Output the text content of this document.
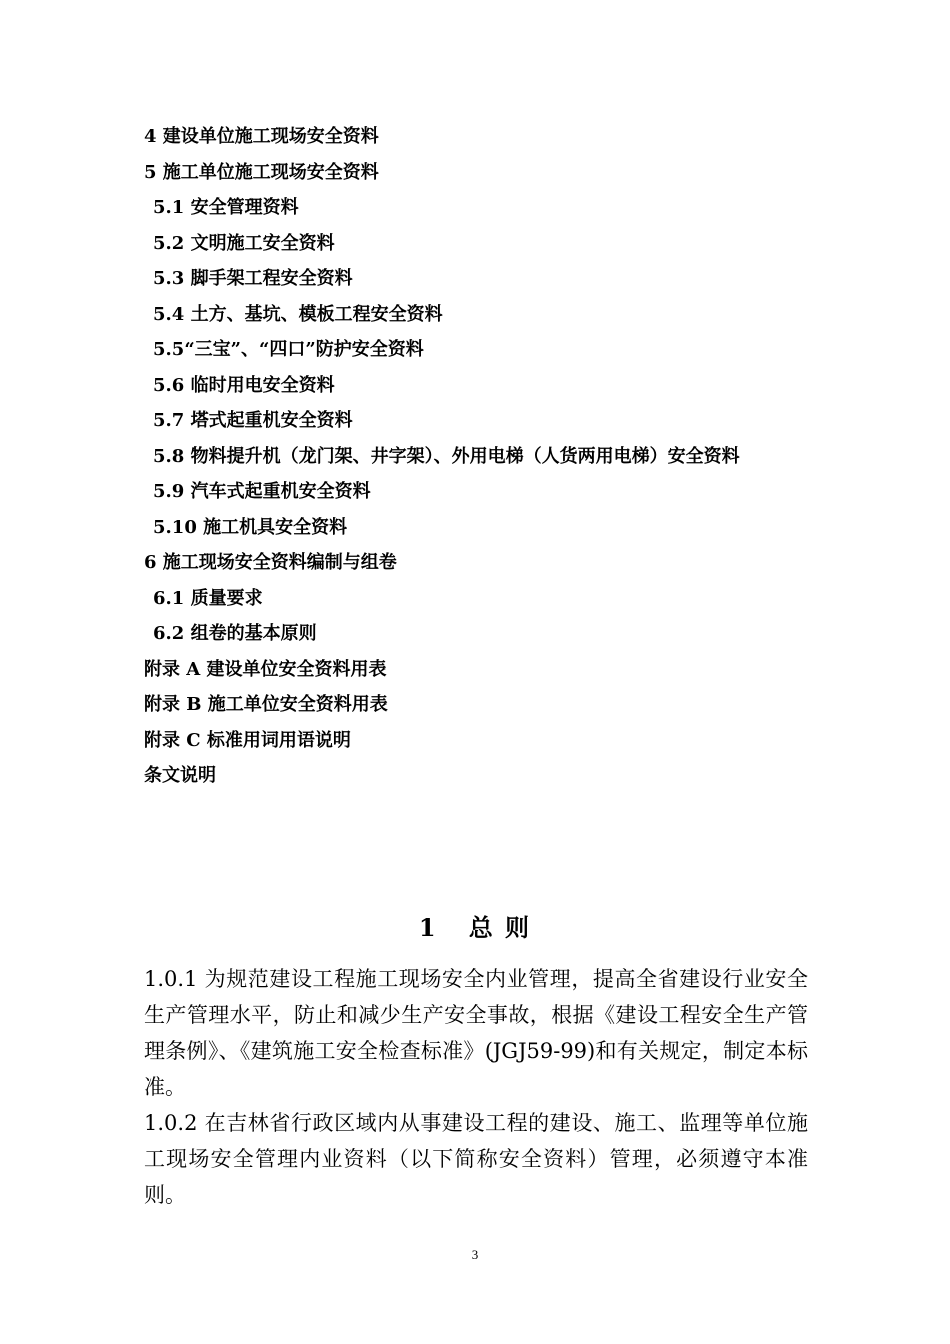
4 建设单位施工现场安全资料
5 施工单位施工现场安全资料
5.1 安全管理资料
5.2 文明施工安全资料
5.3 脚手架工程安全资料
5.4 土方、基坑、模板工程安全资料
5.5“三宝”、“四口”防护安全资料
5.6 临时用电安全资料
5.7 塔式起重机安全资料
5.8 物料提升机（龙门架、井字架）、外用电梯（人货两用电梯）安全资料
5.9 汽车式起重机安全资料
5.10 施工机具安全资料
6 施工现场安全资料编制与组卷
6.1 质量要求
6.2 组卷的基本原则
附录 A 建设单位安全资料用表
附录 B 施工单位安全资料用表
附录 C 标准用词用语说明
条文说明
1 总 则

1.0.1 为规范建设工程施工现场安全内业管理，提高全省建设行业安全生产管理水平，防止和减少生产安全事故，根据《建设工程安全生产管理条例》、《建筑施工安全检查标准》(JGJ59-99)和有关规定，制定本标准。

1.0.2 在吉林省行政区域内从事建设工程的建设、施工、监理等单位施工现场安全管理内业资料（以下简称安全资料）管理，必须遵守本准则。

3
